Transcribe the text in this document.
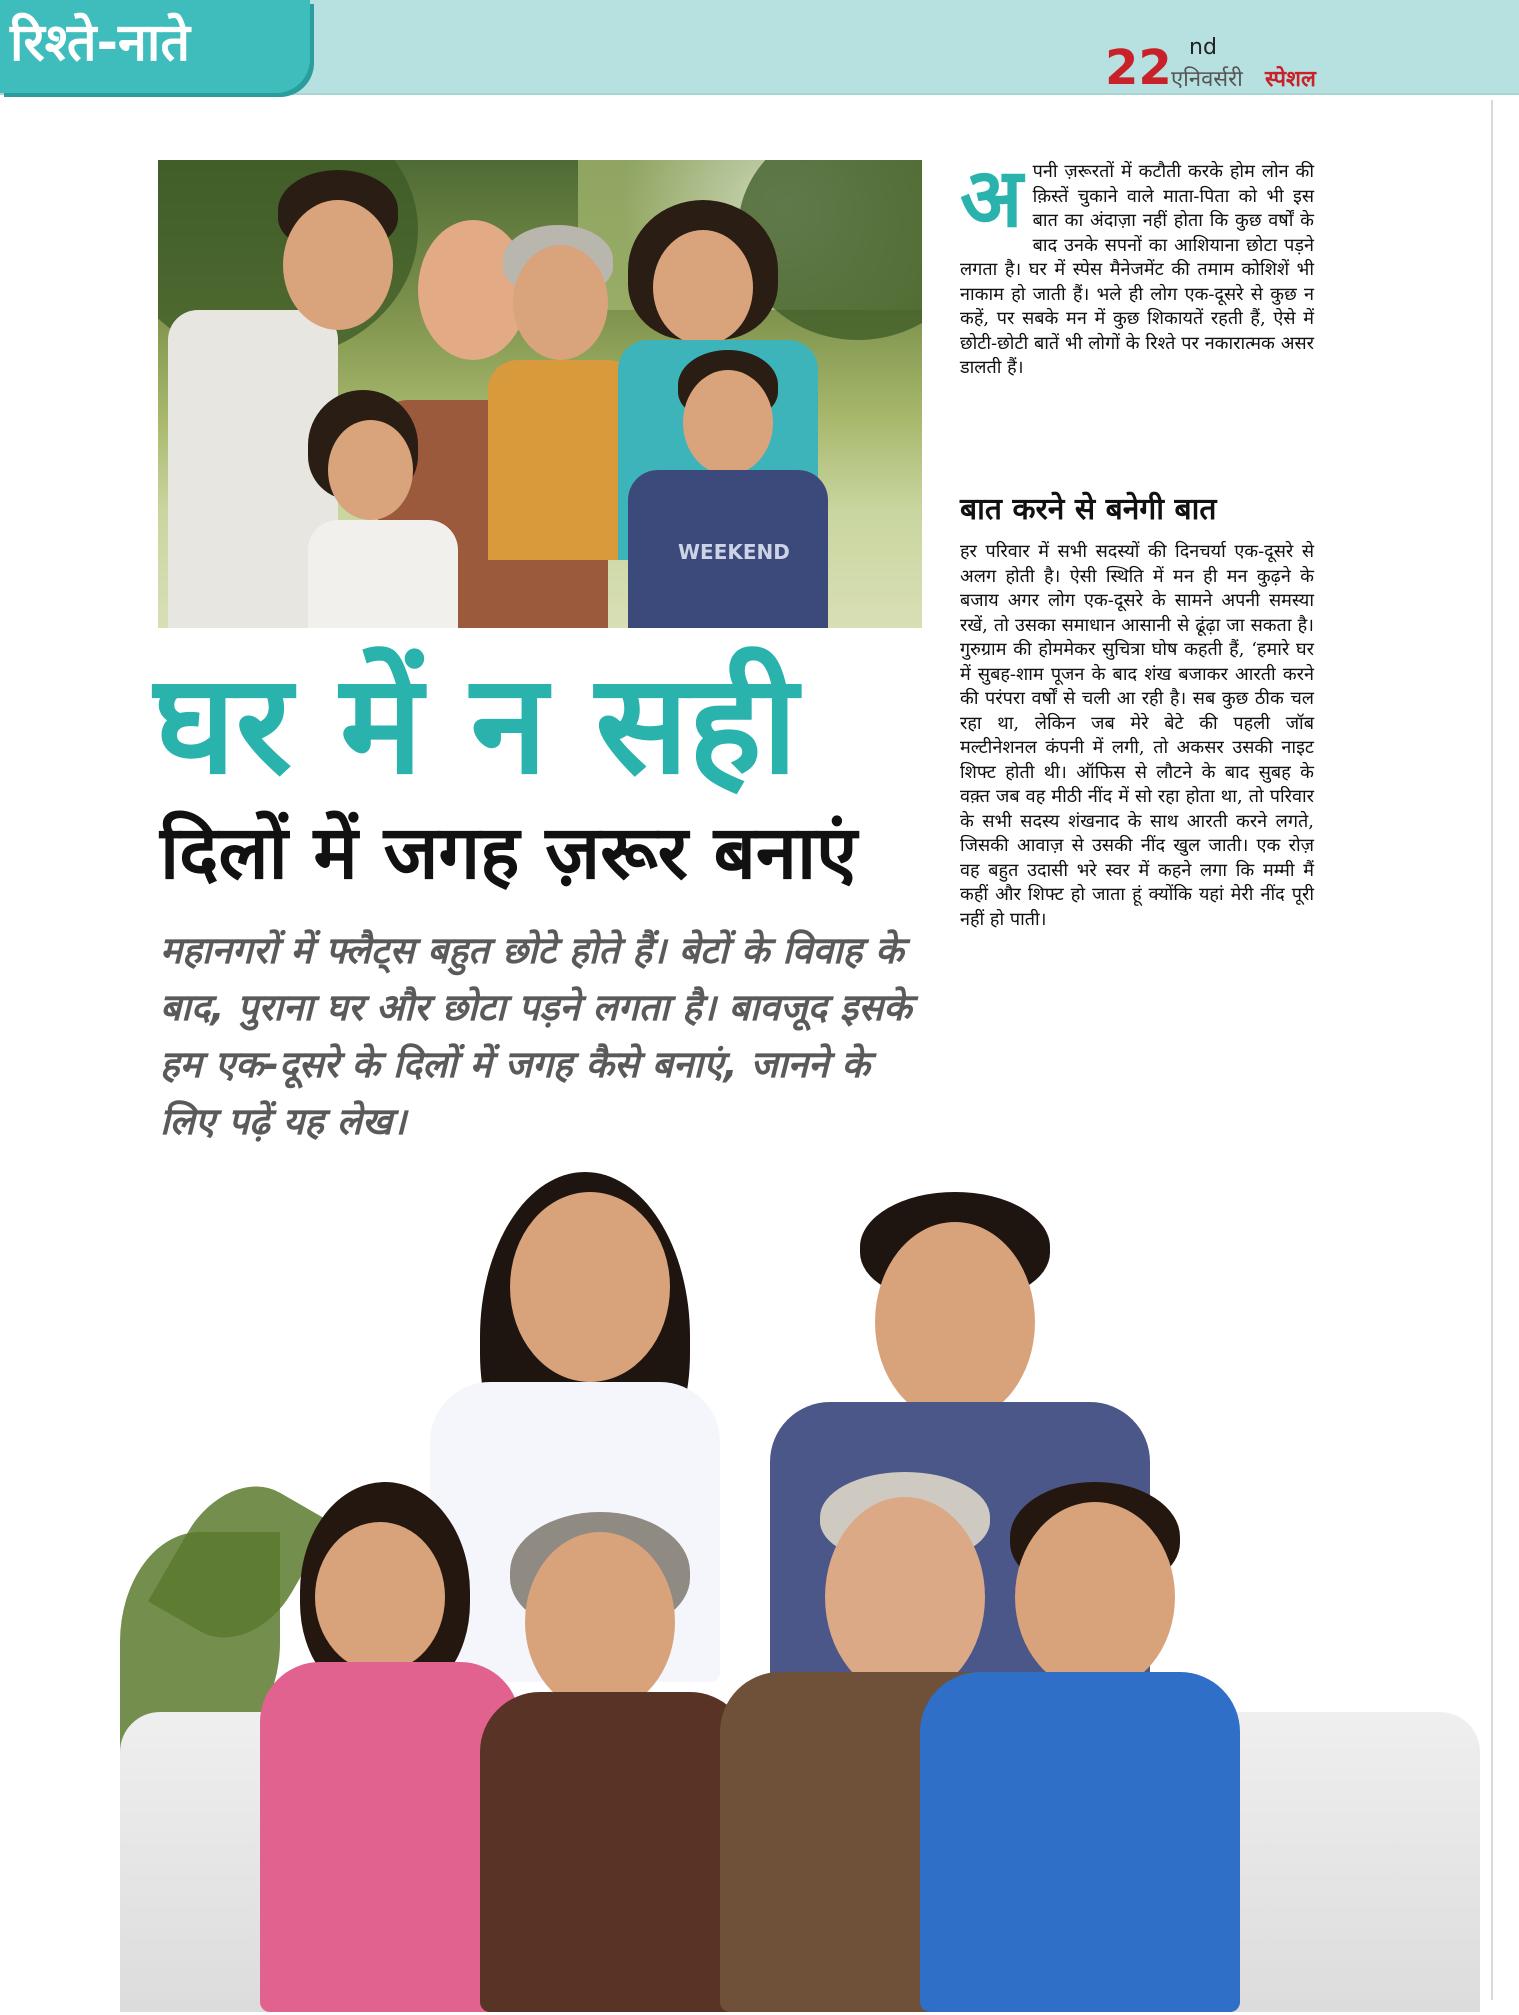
रिश्ते-नाते	22 nd
एनिवर्सरी स्पेशल
WEEKEND
घर में न सही
दिलों में जगह ज़रूर बनाएं
महानगरों में फ्लैट्स बहुत छोटे होते हैं। बेटों के विवाह के बाद, पुराना घर और छोटा पड़ने लगता है। बावजूद इसके हम एक-दूसरे के दिलों में जगह कैसे बनाएं, जानने के लिए पढ़ें यह लेख।
अ पनी ज़रूरतों में कटौती करके होम लोन की क़िस्तें चुकाने वाले माता-पिता को भी इस बात का अंदाज़ा नहीं होता कि कुछ वर्षों के बाद उनके सपनों का आशियाना छोटा पड़ने लगता है। घर में स्पेस मैनेजमेंट की तमाम कोशिशें भी नाकाम हो जाती हैं। भले ही लोग एक-दूसरे से कुछ न कहें, पर सबके मन में कुछ शिकायतें रहती हैं, ऐसे में छोटी-छोटी बातें भी लोगों के रिश्ते पर नकारात्मक असर डालती हैं।
बात करने से बनेगी बात
हर परिवार में सभी सदस्यों की दिनचर्या एक-दूसरे से अलग होती है। ऐसी स्थिति में मन ही मन कुढ़ने के बजाय अगर लोग एक-दूसरे के सामने अपनी समस्या रखें, तो उसका समाधान आसानी से ढूंढ़ा जा सकता है। गुरुग्राम की होममेकर सुचित्रा घोष कहती हैं, ‘हमारे घर में सुबह-शाम पूजन के बाद शंख बजाकर आरती करने की परंपरा वर्षों से चली आ रही है। सब कुछ ठीक चल रहा था, लेकिन जब मेरे बेटे की पहली जॉब मल्टीनेशनल कंपनी में लगी, तो अकसर उसकी नाइट शिफ्ट होती थी। ऑफिस से लौटने के बाद सुबह के वक़्त जब वह मीठी नींद में सो रहा होता था, तो परिवार के सभी सदस्य शंखनाद के साथ आरती करने लगते, जिसकी आवाज़ से उसकी नींद खुल जाती। एक रोज़ वह बहुत उदासी भरे स्वर में कहने लगा कि मम्मी मैं कहीं और शिफ्ट हो जाता हूं क्योंकि यहां मेरी नींद पूरी नहीं हो पाती।
